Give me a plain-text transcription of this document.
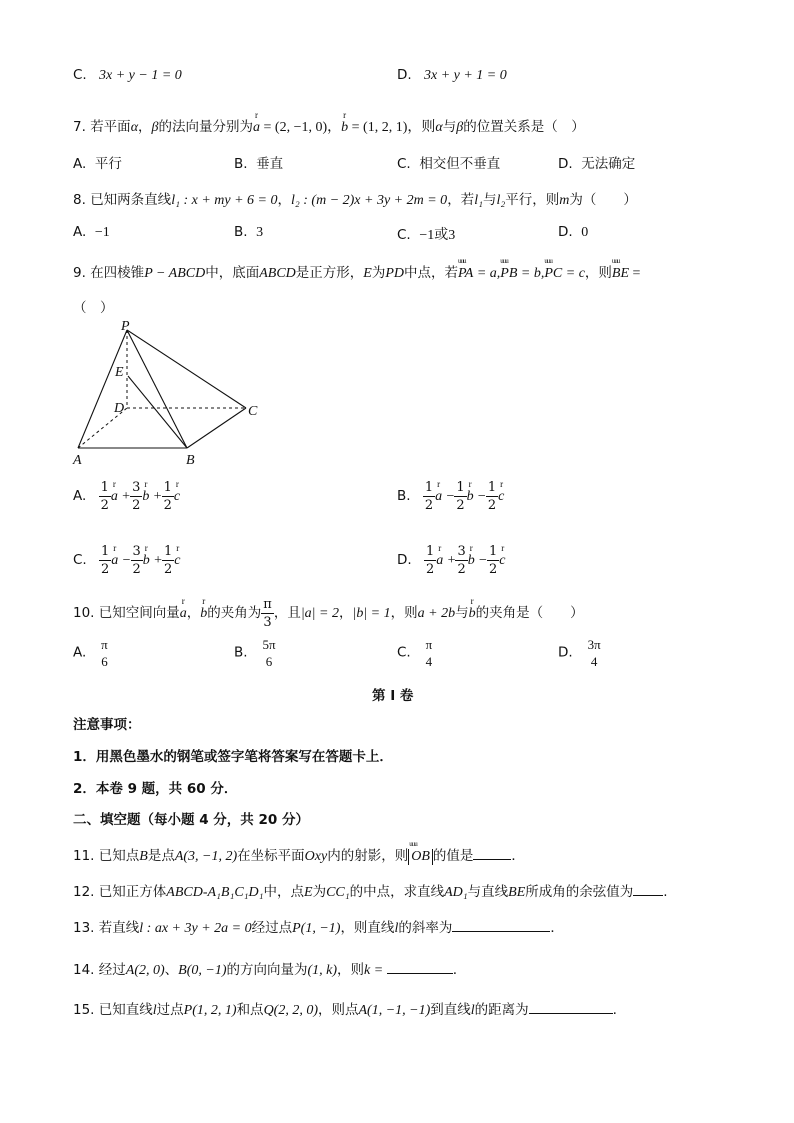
C. 3x + y − 1 = 0	D. 3x + y + 1 = 0
7. 若平面α，β的法向量分别为r a = (2, −1, 0)，r b = (1, 2, 1)，则α与β的位置关系是（　）
A. 平行	B. 垂直	C. 相交但不垂直	D. 无法确定
8. 已知两条直线l₁ : x + my + 6 = 0，l₂ : (m − 2)x + 3y + 2m = 0，若l₁与l₂平行，则m为（　　）
A. −1	B. 3	C. −1或3	D. 0
9. 在四棱锥P − ABCD中，底面ABCD是正方形，E为PD中点，若uuu PA = a,uuu PB = b,uuu PC = c，则uuu BE =
（　）
P
E
D	C
A	B
A. $\frac{1}{2}$ r $a + \frac{3}{2}$ r $b + \frac{1}{2}$ r c	B. $\frac{1}{2}$ r $a - \frac{1}{2}$ r $b - \frac{1}{2}$ r c
C. $\frac{1}{2}$ r $a - \frac{3}{2}$ r $b + \frac{1}{2}$ r c	D. $\frac{1}{2}$ r $a + \frac{3}{2}$ r $b - \frac{1}{2}$ r c
10. 已知空间向量r a，r b的夹角为 $\frac{\pi}{3}$ ，且|a| = 2，|b| = 1，则a + 2b与r b的夹角是（　　）
A. π
6
B. 5π
6
C. π
4
D. 3π
4
第 I 卷
注意事项：
1．用黑色墨水的钢笔或签字笔将答案写在答题卡上．
2．本卷 9 题，共 60 分．
二、填空题（每小题 4 分，共 20 分）
11. 已知点B是点A(3, −1, 2)在坐标平面Oxy内的射影，则 uuu OB 的值是	．
12. 已知正方体ABCD-A₁B₁C₁D₁中，点E为CC₁的中点，求直线AD₁与直线BE所成角的余弦值为 .
13. 若直线l : ax + 3y + 2a = 0经过点P(1, −1)，则直线l的斜率为	．
14. 经过A(2, 0)、B(0, −1)的方向向量为(1, k)，则k =	.
15. 已知直线l过点P(1, 2, 1)和点Q(2, 2, 0)，则点A(1, −1, −1)到直线l的距离为	.
